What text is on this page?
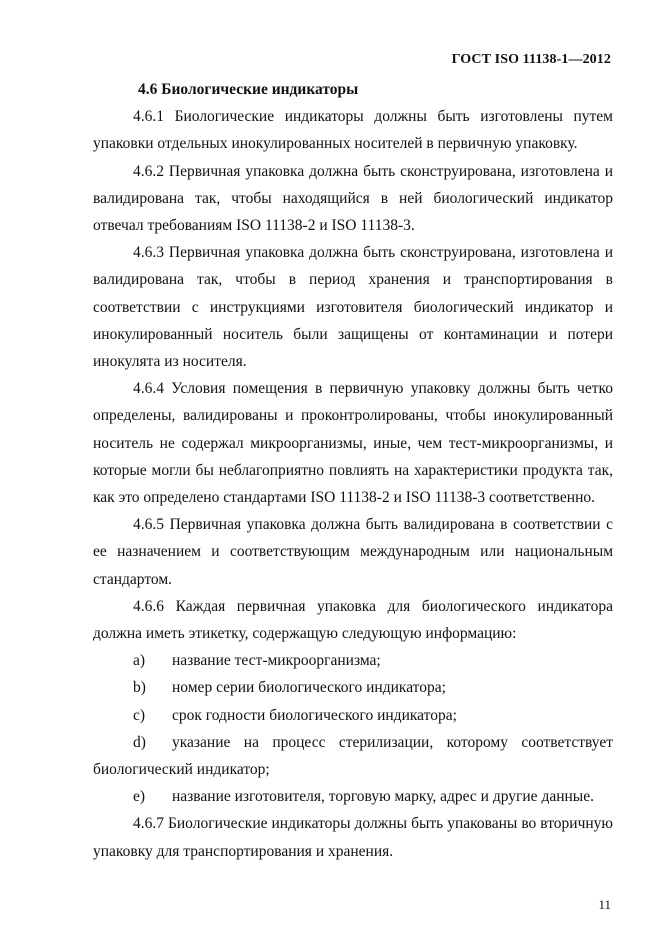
ГОСТ ISO 11138-1—2012

4.6 Биологические индикаторы

4.6.1 Биологические индикаторы должны быть изготовлены путем упаковки отдельных инокулированных носителей в первичную упаковку.

4.6.2 Первичная упаковка должна быть сконструирована, изготовлена и валидирована так, чтобы находящийся в ней биологический индикатор отвечал требованиям ISO 11138-2 и ISO 11138-3.

4.6.3 Первичная упаковка должна быть сконструирована, изготовлена и валидирована так, чтобы в период хранения и транспортирования в соответствии с инструкциями изготовителя биологический индикатор и инокулированный носитель были защищены от контаминации и потери инокулята из носителя.

4.6.4 Условия помещения в первичную упаковку должны быть четко определены, валидированы и проконтролированы, чтобы инокулированный носитель не содержал микроорганизмы, иные, чем тест-микроорганизмы, и которые могли бы неблагоприятно повлиять на характеристики продукта так, как это определено стандартами ISO 11138-2 и ISO 11138-3 соответственно.

4.6.5 Первичная упаковка должна быть валидирована в соответствии с ее назначением и соответствующим международным или национальным стандартом.

4.6.6 Каждая первичная упаковка для биологического индикатора должна иметь этикетку, содержащую следующую информацию:

a)	название тест-микроорганизма;
b)	номер серии биологического индикатора;
c)	срок годности биологического индикатора;
d)	указание на процесс стерилизации, которому соответствует
биологический индикатор;
e)	название изготовителя, торговую марку, адрес и другие данные.

4.6.7 Биологические индикаторы должны быть упакованы во вторичную упаковку для транспортирования и хранения.

11
